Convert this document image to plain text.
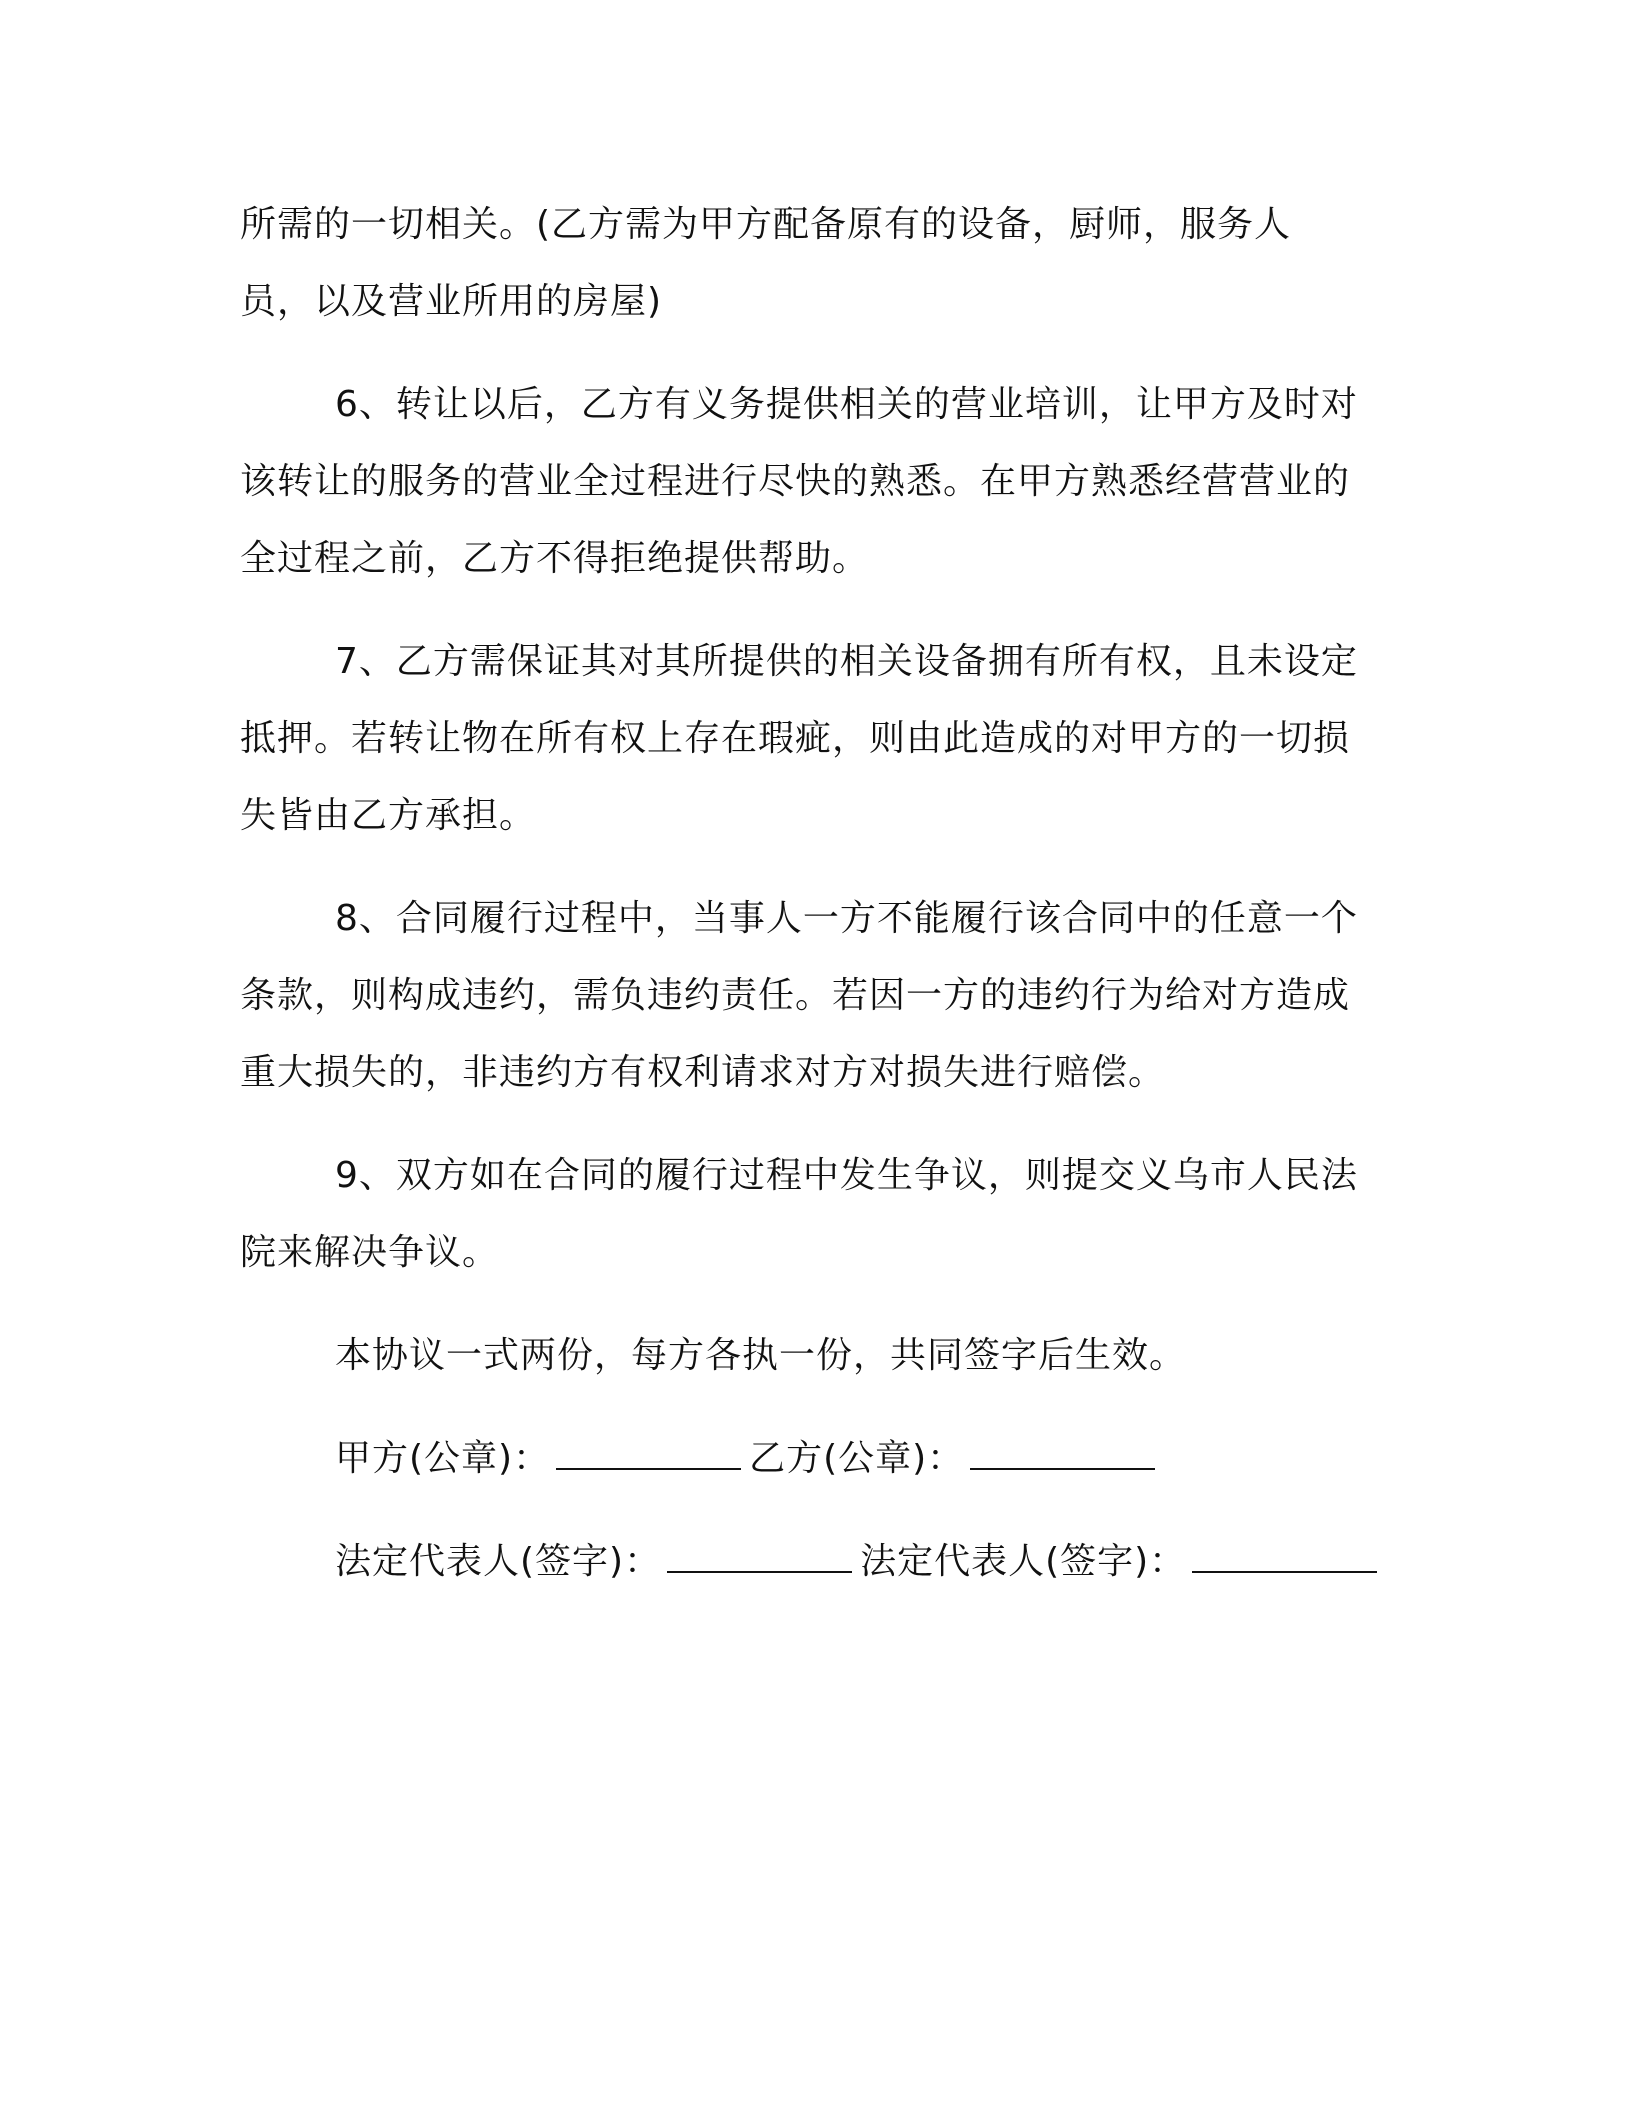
所需的一切相关。(乙方需为甲方配备原有的设备，厨师，服务人员，以及营业所用的房屋)

6、转让以后，乙方有义务提供相关的营业培训，让甲方及时对该转让的服务的营业全过程进行尽快的熟悉。在甲方熟悉经营营业的全过程之前，乙方不得拒绝提供帮助。

7、乙方需保证其对其所提供的相关设备拥有所有权，且未设定抵押。若转让物在所有权上存在瑕疵，则由此造成的对甲方的一切损失皆由乙方承担。

8、合同履行过程中，当事人一方不能履行该合同中的任意一个条款，则构成违约，需负违约责任。若因一方的违约行为给对方造成重大损失的，非违约方有权利请求对方对损失进行赔偿。

9、双方如在合同的履行过程中发生争议，则提交义乌市人民法院来解决争议。

本协议一式两份，每方各执一份，共同签字后生效。

甲方(公章)：	乙方(公章)：
法定代表人(签字)：	法定代表人(签字)：
